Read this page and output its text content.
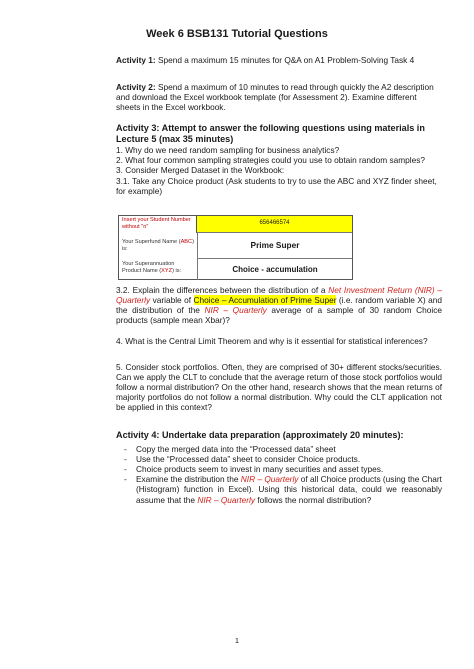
Week 6 BSB131 Tutorial Questions
Activity 1: Spend a maximum 15 minutes for Q&A on A1 Problem-Solving Task 4
Activity 2: Spend a maximum of 10 minutes to read through quickly the A2 description and download the Excel workbook template (for Assessment 2). Examine different sheets in the Excel workbook.
Activity 3: Attempt to answer the following questions using materials in Lecture 5 (max 35 minutes)
1. Why do we need random sampling for business analytics?
2. What four common sampling strategies could you use to obtain random samples?
3. Consider Merged Dataset in the Workbook:
3.1. Take any Choice product (Ask students to try to use the ABC and XYZ finder sheet, for example)
Insert your Student Number without "n"
656466574
Your Superfund Name (ABC) is:	Prime Super
Your Superannuation Product Name (XYZ) is:	Choice - accumulation
3.2. Explain the differences between the distribution of a Net Investment Return (NIR) – Quarterly variable of Choice – Accumulation of Prime Super (i.e. random variable X) and the distribution of the NIR – Quarterly average of a sample of 30 random Choice products (sample mean Xbar)?
4. What is the Central Limit Theorem and why is it essential for statistical inferences?
5. Consider stock portfolios. Often, they are comprised of 30+ different stocks/securities. Can we apply the CLT to conclude that the average return of those stock portfolios would follow a normal distribution? On the other hand, research shows that the mean returns of majority portfolios do not follow a normal distribution. Why could the CLT application not be applied in this context?
Activity 4: Undertake data preparation (approximately 20 minutes):
- Copy the merged data into the “Processed data” sheet
- Use the “Processed data” sheet to consider Choice products.
- Choice products seem to invest in many securities and asset types.
- Examine the distribution the NIR – Quarterly of all Choice products (using the Chart (Histogram) function in Excel). Using this historical data, could we reasonably assume that the NIR – Quarterly follows the normal distribution?
1
